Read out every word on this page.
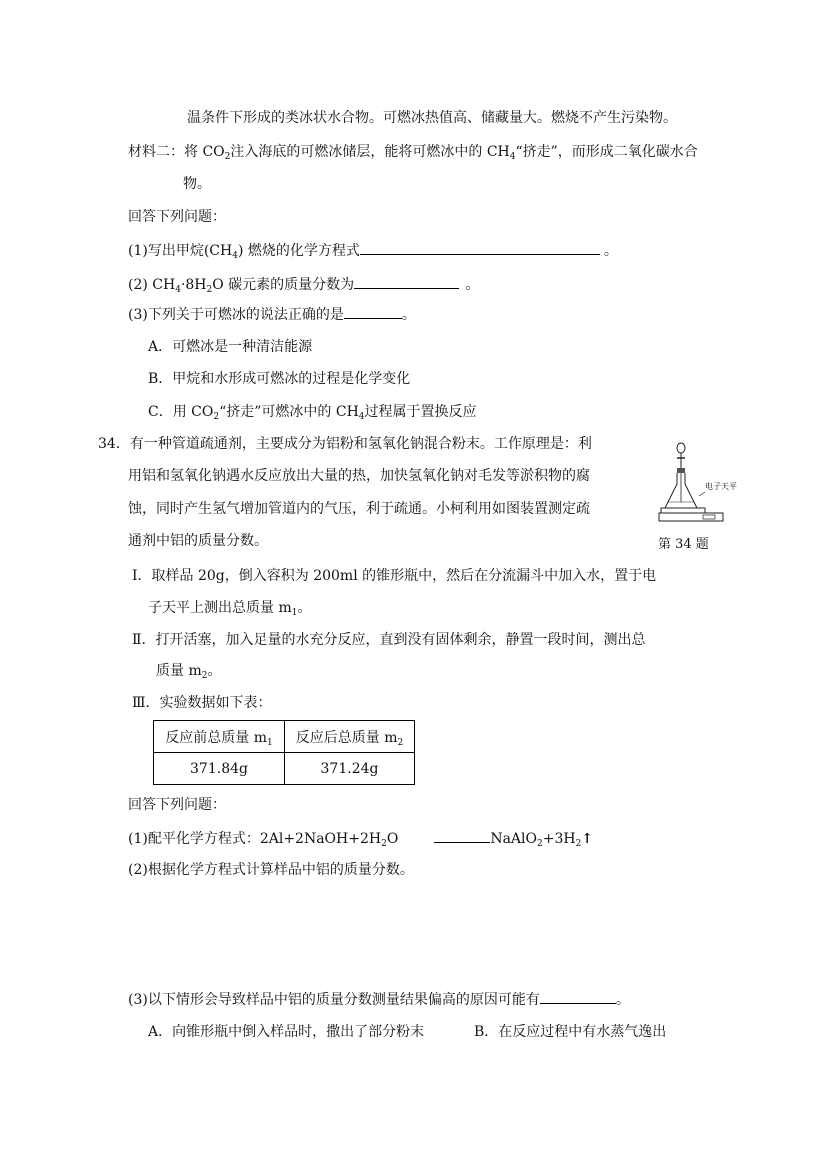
温条件下形成的类冰状水合物。可燃冰热值高、储藏量大。燃烧不产生污染物。
材料二：将 $CO_2$注入海底的可燃冰储层，能将可燃冰中的 $CH_4“$挤走”，而形成二氧化碳水合
物。
回答下列问题：
(1)写出甲烷$(CH_4)$ 燃烧的化学方程式	。
(2) $CH_4\cdot 8H_2O$ 碳元素的质量分数为	。
(3)下列关于可燃冰的说法正确的是	。
A．可燃冰是一种清洁能源
B．甲烷和水形成可燃冰的过程是化学变化
C．用 $CO_2“$挤走”可燃冰中的 $CH_4$过程属于置换反应
34．有一种管道疏通剂，主要成分为铝粉和氢氧化钠混合粉末。工作原理是：利
用铝和氢氧化钠遇水反应放出大量的热，加快氢氧化钠对毛发等淤积物的腐
蚀，同时产生氢气增加管道内的气压，利于疏通。小柯利用如图装置测定疏
通剂中铝的质量分数。
电子天平
第 34 题
Ⅰ．取样品 20g，倒入容积为 200ml 的锥形瓶中，然后在分流漏斗中加入水，置于电
子天平上测出总质量 $m_1$。
Ⅱ．打开活塞，加入足量的水充分反应，直到没有固体剩余，静置一段时间，测出总
质量 $m_2$。
Ⅲ．实验数据如下表：
反应前总质量 $m_1$	反应后总质量 $m_2$
371.84g	371.24g
回答下列问题：
(1)配平化学方程式：$2Al+2NaOH+2H_2O$	$NaAlO_2+3H_2↑$
(2)根据化学方程式计算样品中铝的质量分数。
(3)以下情形会导致样品中铝的质量分数测量结果偏高的原因可能有	。
A．向锥形瓶中倒入样品时，撒出了部分粉末	B．在反应过程中有水蒸气逸出
